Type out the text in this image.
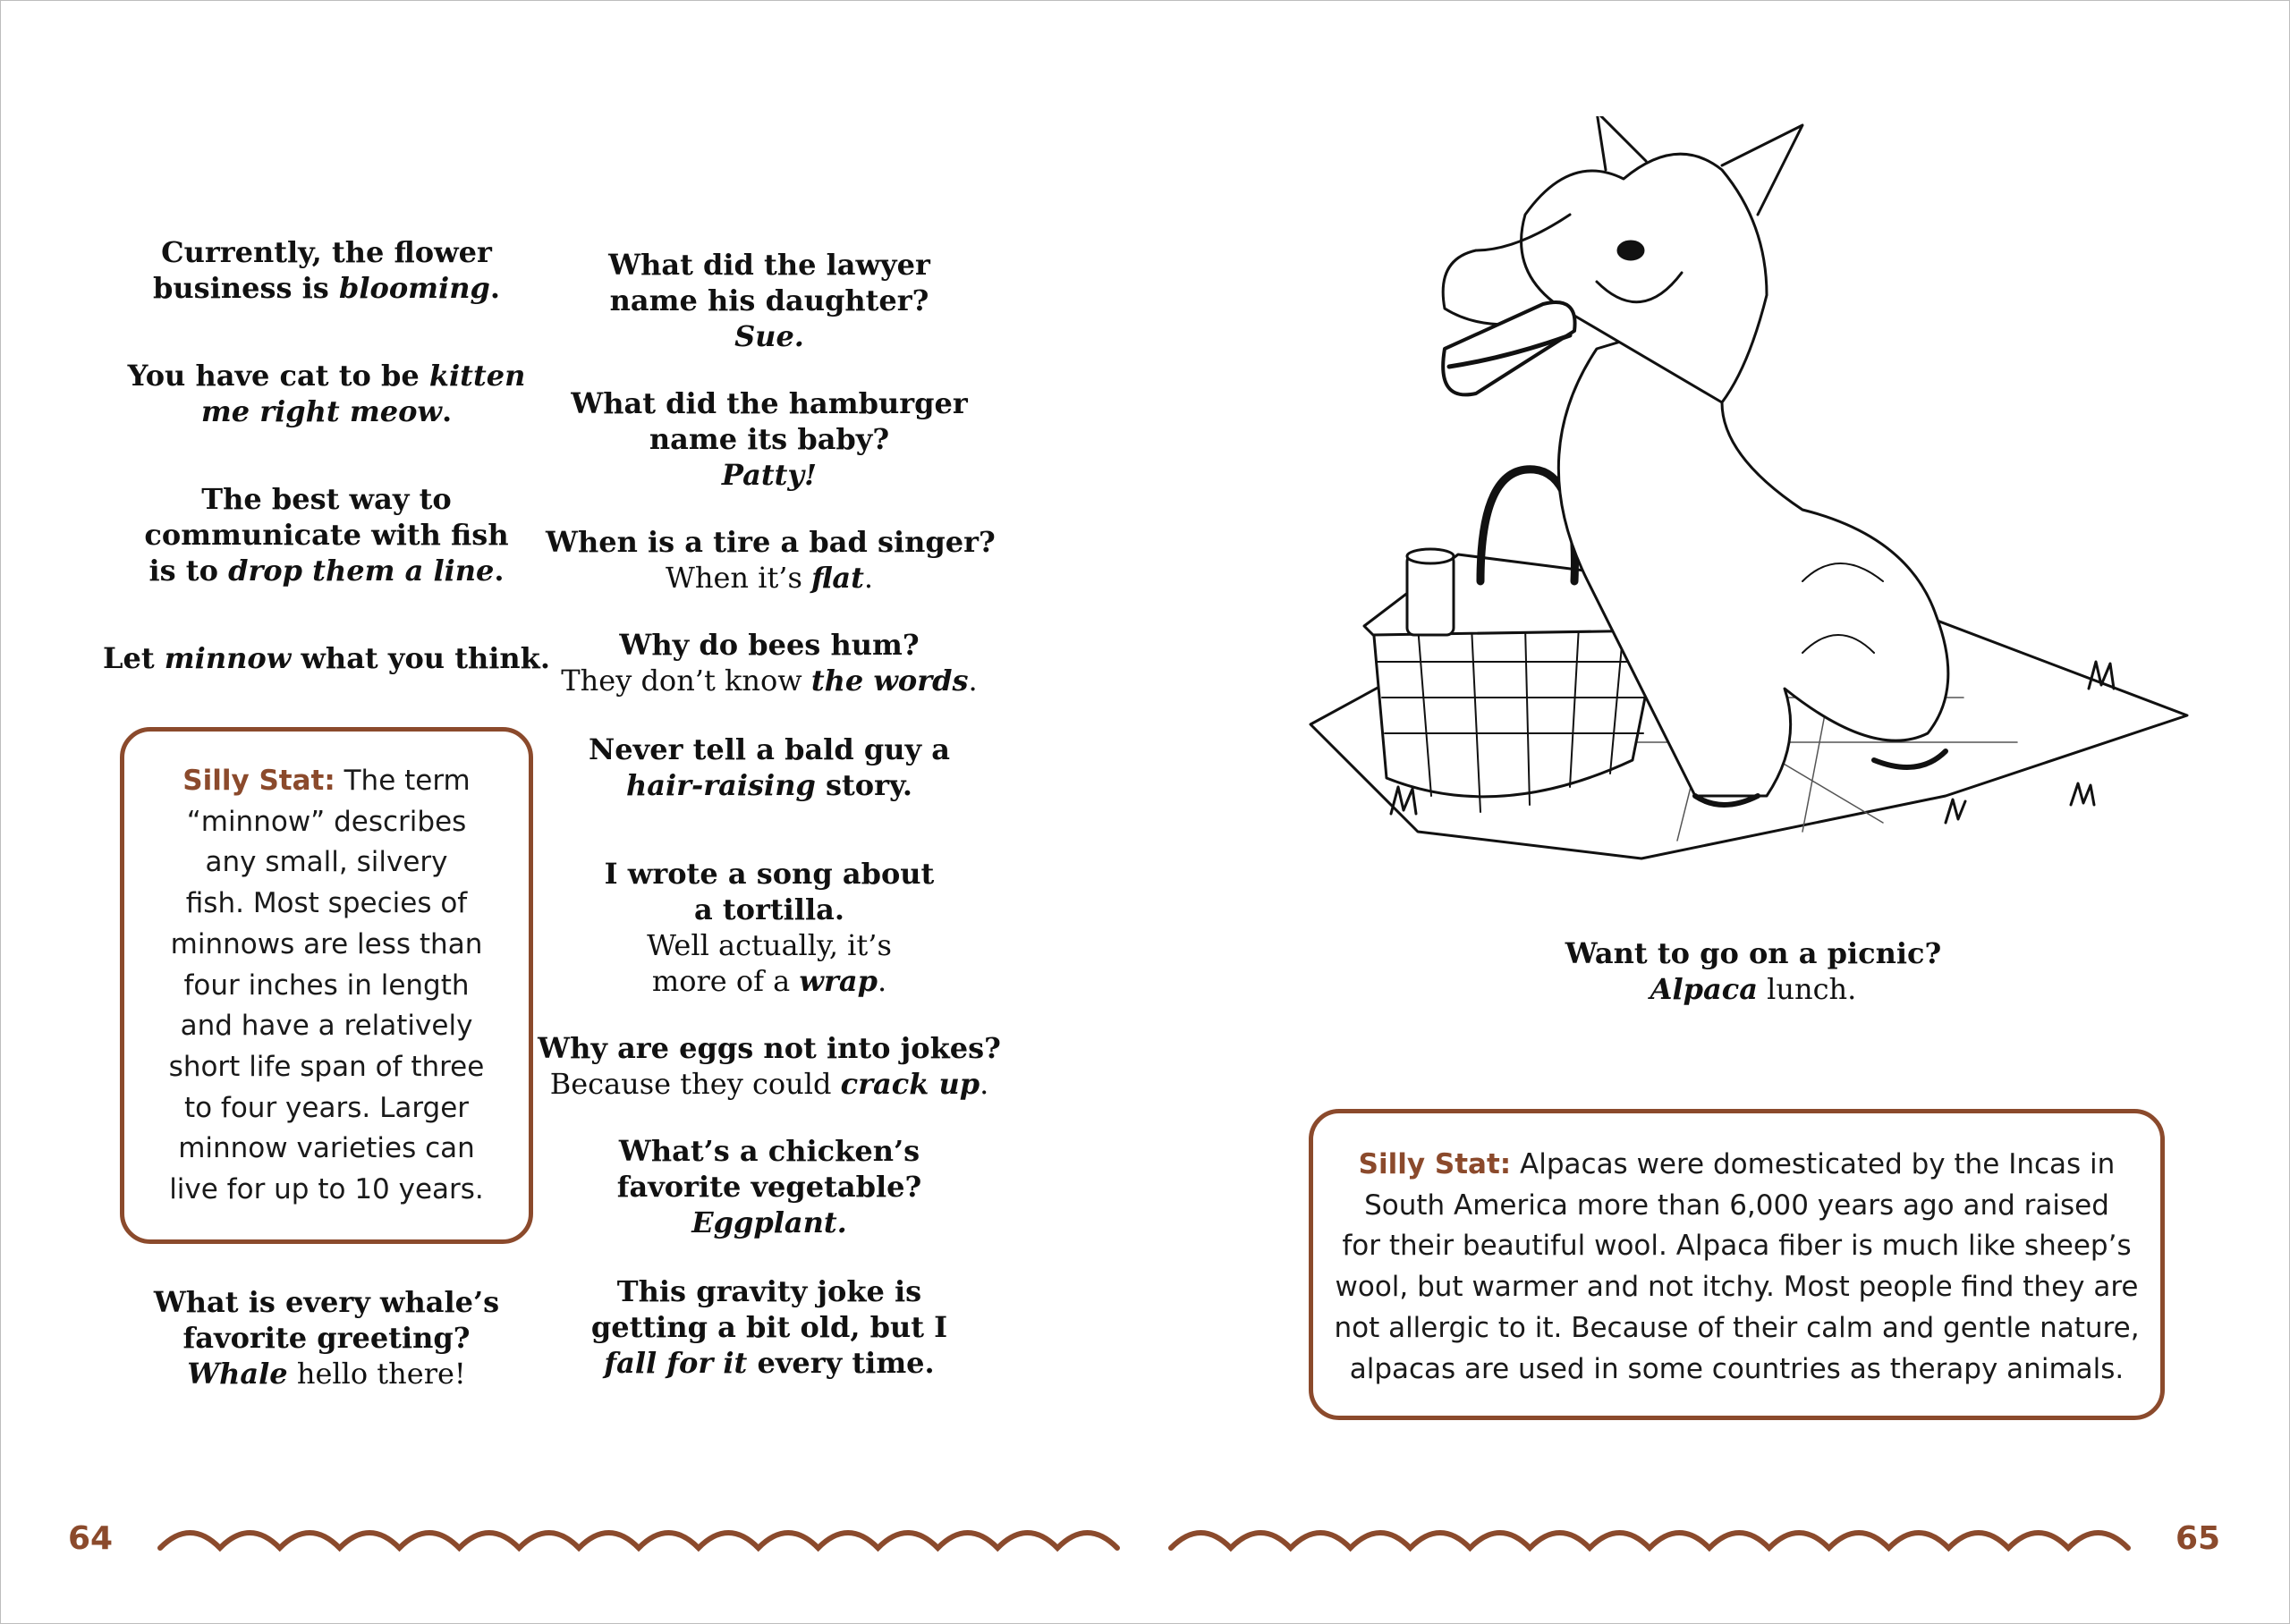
Currently, the flower
business is blooming.
You have cat to be kitten
me right meow.
The best way to
communicate with fish
is to drop them a line.
Let minnow what you think.
Silly Stat: The term
“minnow” describes
any small, silvery
fish. Most species of
minnows are less than
four inches in length
and have a relatively
short life span of three
to four years. Larger
minnow varieties can
live for up to 10 years.
What is every whale’s
favorite greeting?
Whale hello there!
What did the lawyer
name his daughter?
Sue.
What did the hamburger
name its baby?
Patty!
When is a tire a bad singer?
When it’s flat.
Why do bees hum?
They don’t know the words.
Never tell a bald guy a
hair-raising story.
I wrote a song about
a tortilla.
Well actually, it’s
more of a wrap.
Why are eggs not into jokes?
Because they could crack up.
What’s a chicken’s
favorite vegetable?
Eggplant.
This gravity joke is
getting a bit old, but I
fall for it every time.
Want to go on a picnic?
Alpaca lunch.
Silly Stat: Alpacas were domesticated by the Incas in
South America more than 6,000 years ago and raised
for their beautiful wool. Alpaca fiber is much like sheep’s
wool, but warmer and not itchy. Most people find they are
not allergic to it. Because of their calm and gentle nature,
alpacas are used in some countries as therapy animals.
64	65
